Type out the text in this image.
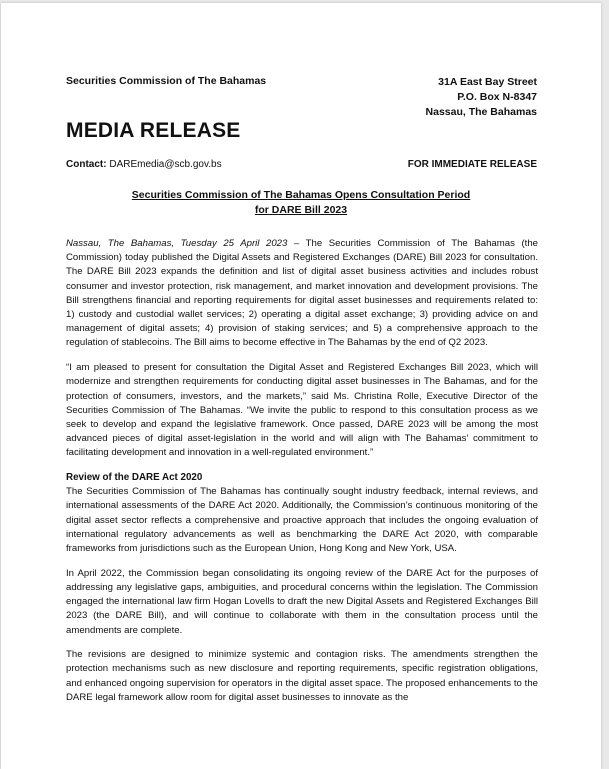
Securities Commission of The Bahamas	31A East Bay Street
P.O. Box N-8347
Nassau, The Bahamas
MEDIA RELEASE
Contact: DAREmedia@scb.gov.bs	FOR IMMEDIATE RELEASE
Securities Commission of The Bahamas Opens Consultation Period
for DARE Bill 2023

Nassau, The Bahamas, Tuesday 25 April 2023 – The Securities Commission of The Bahamas (the Commission) today published the Digital Assets and Registered Exchanges (DARE) Bill 2023 for consultation. The DARE Bill 2023 expands the definition and list of digital asset business activities and includes robust consumer and investor protection, risk management, and market innovation and development provisions. The Bill strengthens financial and reporting requirements for digital asset businesses and requirements related to: 1) custody and custodial wallet services; 2) operating a digital asset exchange; 3) providing advice on and management of digital assets; 4) provision of staking services; and 5) a comprehensive approach to the regulation of stablecoins. The Bill aims to become effective in The Bahamas by the end of Q2 2023.

“I am pleased to present for consultation the Digital Asset and Registered Exchanges Bill 2023, which will modernize and strengthen requirements for conducting digital asset businesses in The Bahamas, and for the protection of consumers, investors, and the markets,” said Ms. Christina Rolle, Executive Director of the Securities Commission of The Bahamas. “We invite the public to respond to this consultation process as we seek to develop and expand the legislative framework. Once passed, DARE 2023 will be among the most advanced pieces of digital asset-legislation in the world and will align with The Bahamas’ commitment to facilitating development and innovation in a well-regulated environment.”

Review of the DARE Act 2020

The Securities Commission of The Bahamas has continually sought industry feedback, internal reviews, and international assessments of the DARE Act 2020. Additionally, the Commission’s continuous monitoring of the digital asset sector reflects a comprehensive and proactive approach that includes the ongoing evaluation of international regulatory advancements as well as benchmarking the DARE Act 2020, with comparable frameworks from jurisdictions such as the European Union, Hong Kong and New York, USA.

In April 2022, the Commission began consolidating its ongoing review of the DARE Act for the purposes of addressing any legislative gaps, ambiguities, and procedural concerns within the legislation. The Commission engaged the international law firm Hogan Lovells to draft the new Digital Assets and Registered Exchanges Bill 2023 (the DARE Bill), and will continue to collaborate with them in the consultation process until the amendments are complete.

The revisions are designed to minimize systemic and contagion risks. The amendments strengthen the protection mechanisms such as new disclosure and reporting requirements, specific registration obligations, and enhanced ongoing supervision for operators in the digital asset space. The proposed enhancements to the DARE legal framework allow room for digital asset businesses to innovate as the
